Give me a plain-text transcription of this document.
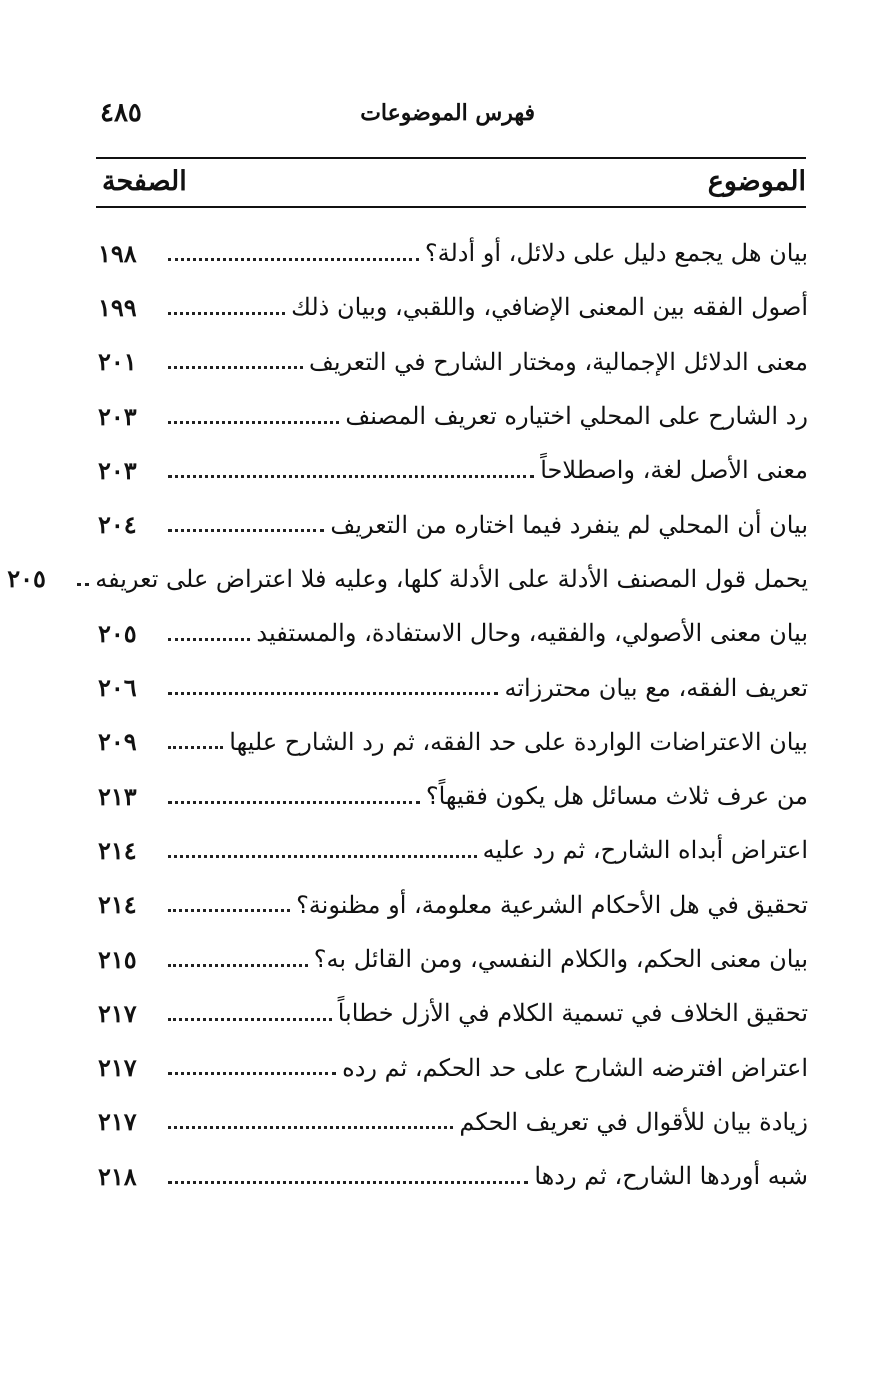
فهرس الموضوعات
٤٨٥
الموضوع
الصفحة
بيان هل يجمع دليل على دلائل، أو أدلة؟
١٩٨
أصول الفقه بين المعنى الإضافي، واللقبي، وبيان ذلك
١٩٩
معنى الدلائل الإجمالية، ومختار الشارح في التعريف
٢٠١
رد الشارح على المحلي اختياره تعريف المصنف
٢٠٣
معنى الأصل لغة، واصطلاحاً
٢٠٣
بيان أن المحلي لم ينفرد فيما اختاره من التعريف
٢٠٤
يحمل قول المصنف الأدلة على الأدلة كلها، وعليه فلا اعتراض على تعريفه
٢٠٥
بيان معنى الأصولي، والفقيه، وحال الاستفادة، والمستفيد
٢٠٥
تعريف الفقه، مع بيان محترزاته
٢٠٦
بيان الاعتراضات الواردة على حد الفقه، ثم رد الشارح عليها
٢٠٩
من عرف ثلاث مسائل هل يكون فقيهاً؟
٢١٣
اعتراض أبداه الشارح، ثم رد عليه
٢١٤
تحقيق في هل الأحكام الشرعية معلومة، أو مظنونة؟
٢١٤
بيان معنى الحكم، والكلام النفسي، ومن القائل به؟
٢١٥
تحقيق الخلاف في تسمية الكلام في الأزل خطاباً
٢١٧
اعتراض افترضه الشارح على حد الحكم، ثم رده
٢١٧
زيادة بيان للأقوال في تعريف الحكم
٢١٧
شبه أوردها الشارح، ثم ردها
٢١٨
